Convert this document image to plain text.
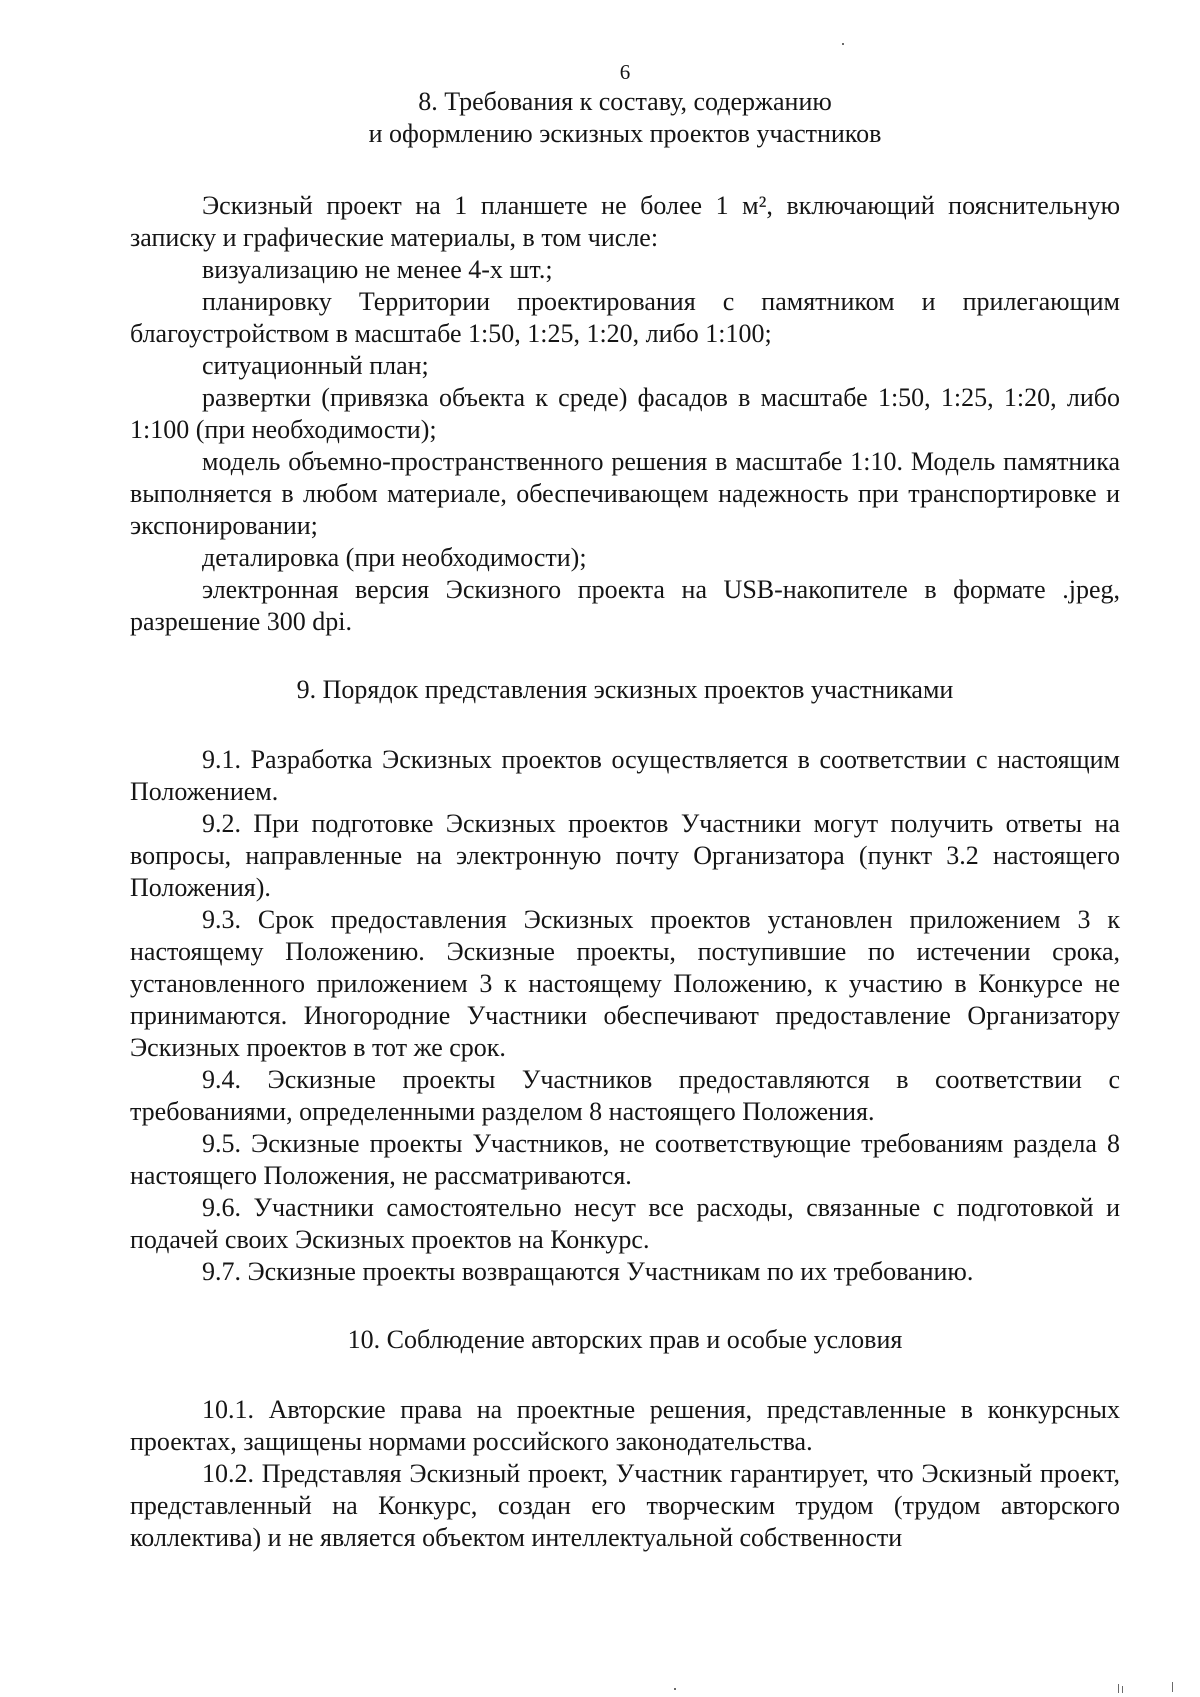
6
8. Требования к составу, содержанию
и оформлению эскизных проектов участников

Эскизный проект на 1 планшете не более 1 м², включающий пояснительную записку и графические материалы, в том числе:

визуализацию не менее 4-х шт.;

планировку Территории проектирования с памятником и прилегающим благоустройством в масштабе 1:50, 1:25, 1:20, либо 1:100;

ситуационный план;

развертки (привязка объекта к среде) фасадов в масштабе 1:50, 1:25, 1:20, либо 1:100 (при необходимости);

модель объемно-пространственного решения в масштабе 1:10. Модель памятника выполняется в любом материале, обеспечивающем надежность при транспортировке и экспонировании;

деталировка (при необходимости);

электронная версия Эскизного проекта на USB-накопителе в формате .jpeg, разрешение 300 dpi.

9. Порядок представления эскизных проектов участниками

9.1. Разработка Эскизных проектов осуществляется в соответствии с настоящим Положением.

9.2. При подготовке Эскизных проектов Участники могут получить ответы на вопросы, направленные на электронную почту Организатора (пункт 3.2 настоящего Положения).

9.3. Срок предоставления Эскизных проектов установлен приложением 3 к настоящему Положению. Эскизные проекты, поступившие по истечении срока, установленного приложением 3 к настоящему Положению, к участию в Конкурсе не принимаются. Иногородние Участники обеспечивают предоставление Организатору Эскизных проектов в тот же срок.

9.4. Эскизные проекты Участников предоставляются в соответствии с требованиями, определенными разделом 8 настоящего Положения.

9.5. Эскизные проекты Участников, не соответствующие требованиям раздела 8 настоящего Положения, не рассматриваются.

9.6. Участники самостоятельно несут все расходы, связанные с подготовкой и подачей своих Эскизных проектов на Конкурс.

9.7. Эскизные проекты возвращаются Участникам по их требованию.

10. Соблюдение авторских прав и особые условия

10.1. Авторские права на проектные решения, представленные в конкурсных проектах, защищены нормами российского законодательства.

10.2. Представляя Эскизный проект, Участник гарантирует, что Эскизный проект, представленный на Конкурс, создан его творческим трудом (трудом авторского коллектива) и не является объектом интеллектуальной собственности
